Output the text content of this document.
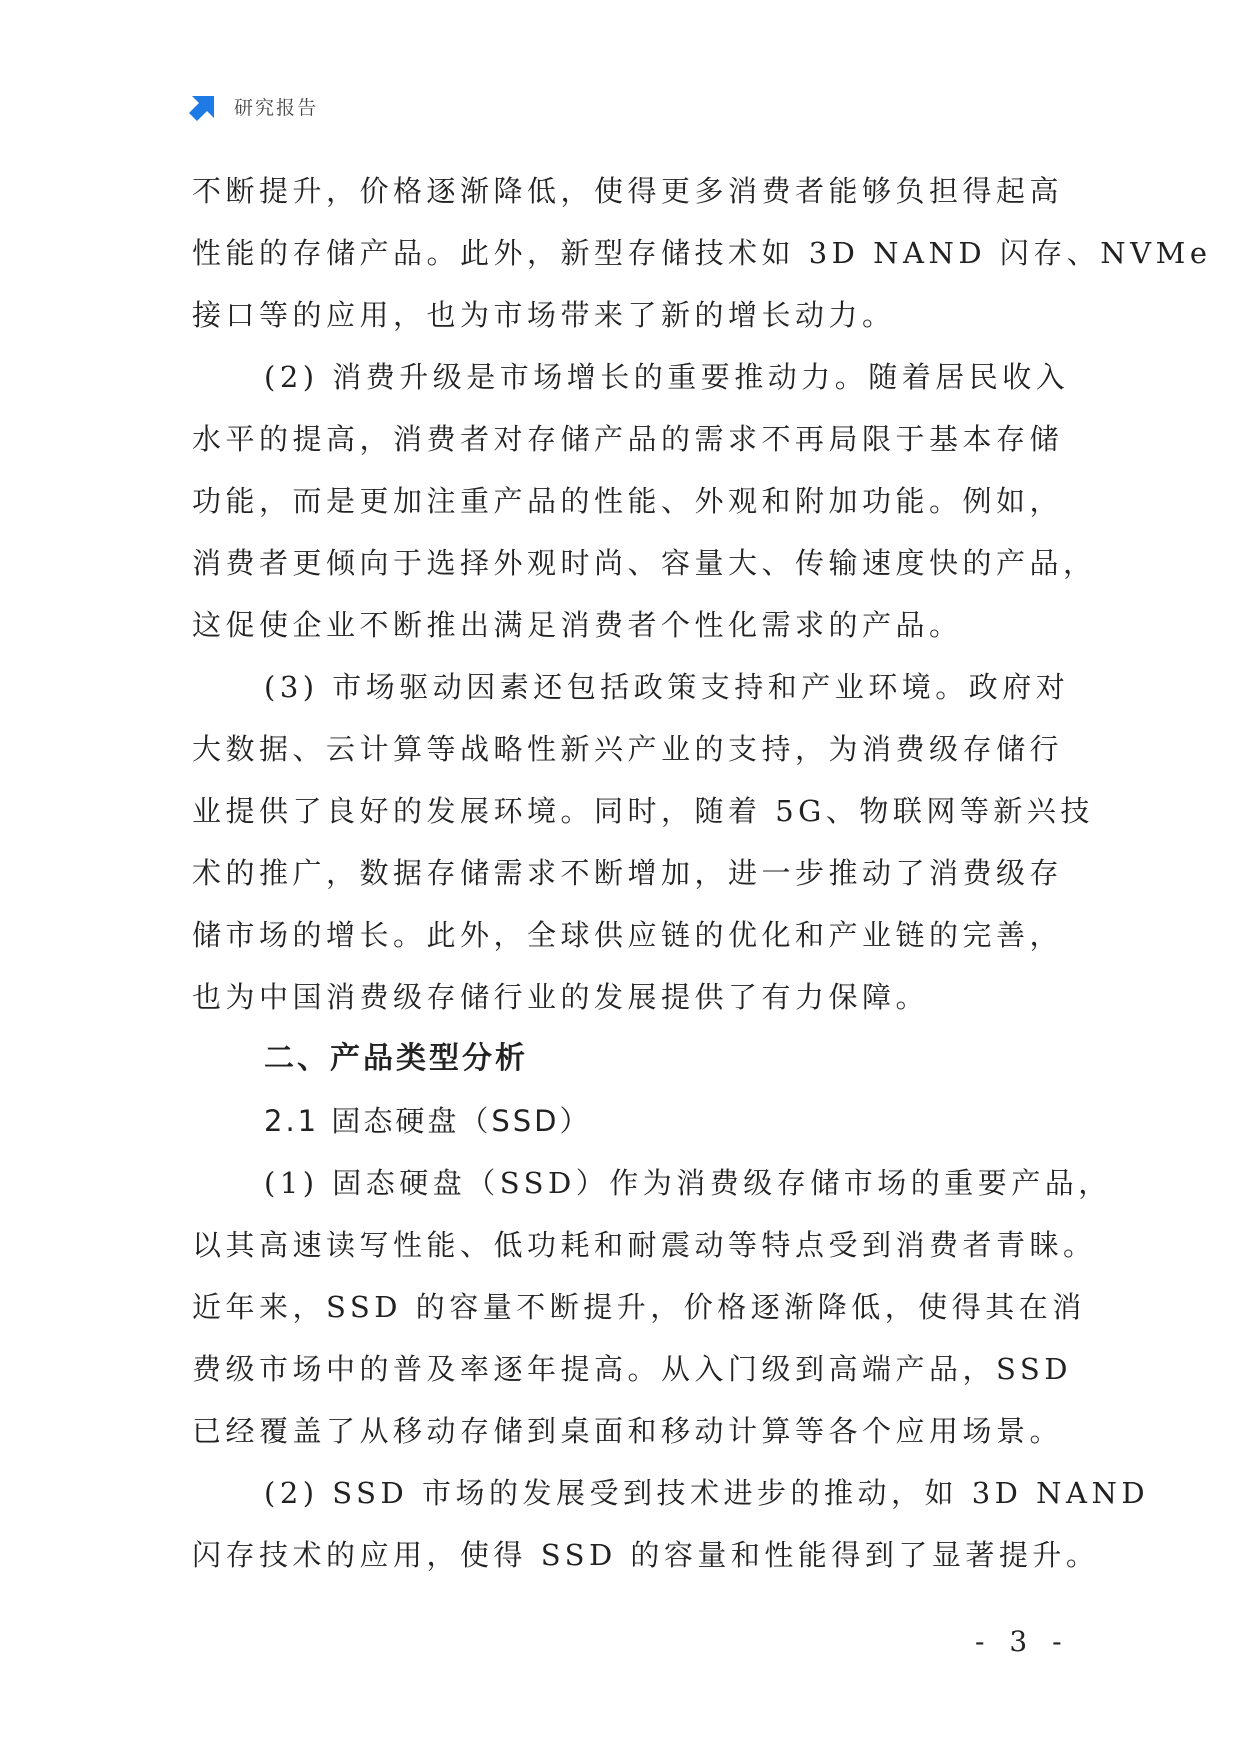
研究报告
不断提升，价格逐渐降低，使得更多消费者能够负担得起高
性能的存储产品。此外，新型存储技术如 3D NAND 闪存、NVMe
接口等的应用，也为市场带来了新的增长动力。
(2) 消费升级是市场增长的重要推动力。随着居民收入
水平的提高，消费者对存储产品的需求不再局限于基本存储
功能，而是更加注重产品的性能、外观和附加功能。例如，
消费者更倾向于选择外观时尚、容量大、传输速度快的产品，
这促使企业不断推出满足消费者个性化需求的产品。
(3) 市场驱动因素还包括政策支持和产业环境。政府对
大数据、云计算等战略性新兴产业的支持，为消费级存储行
业提供了良好的发展环境。同时，随着 5G、物联网等新兴技
术的推广，数据存储需求不断增加，进一步推动了消费级存
储市场的增长。此外，全球供应链的优化和产业链的完善，
也为中国消费级存储行业的发展提供了有力保障。
二、产品类型分析
2.1 固态硬盘（SSD）
(1) 固态硬盘（SSD）作为消费级存储市场的重要产品，
以其高速读写性能、低功耗和耐震动等特点受到消费者青睐。
近年来，SSD 的容量不断提升，价格逐渐降低，使得其在消
费级市场中的普及率逐年提高。从入门级到高端产品，SSD
已经覆盖了从移动存储到桌面和移动计算等各个应用场景。
(2) SSD 市场的发展受到技术进步的推动，如 3D NAND
闪存技术的应用，使得 SSD 的容量和性能得到了显著提升。
- 3 -
